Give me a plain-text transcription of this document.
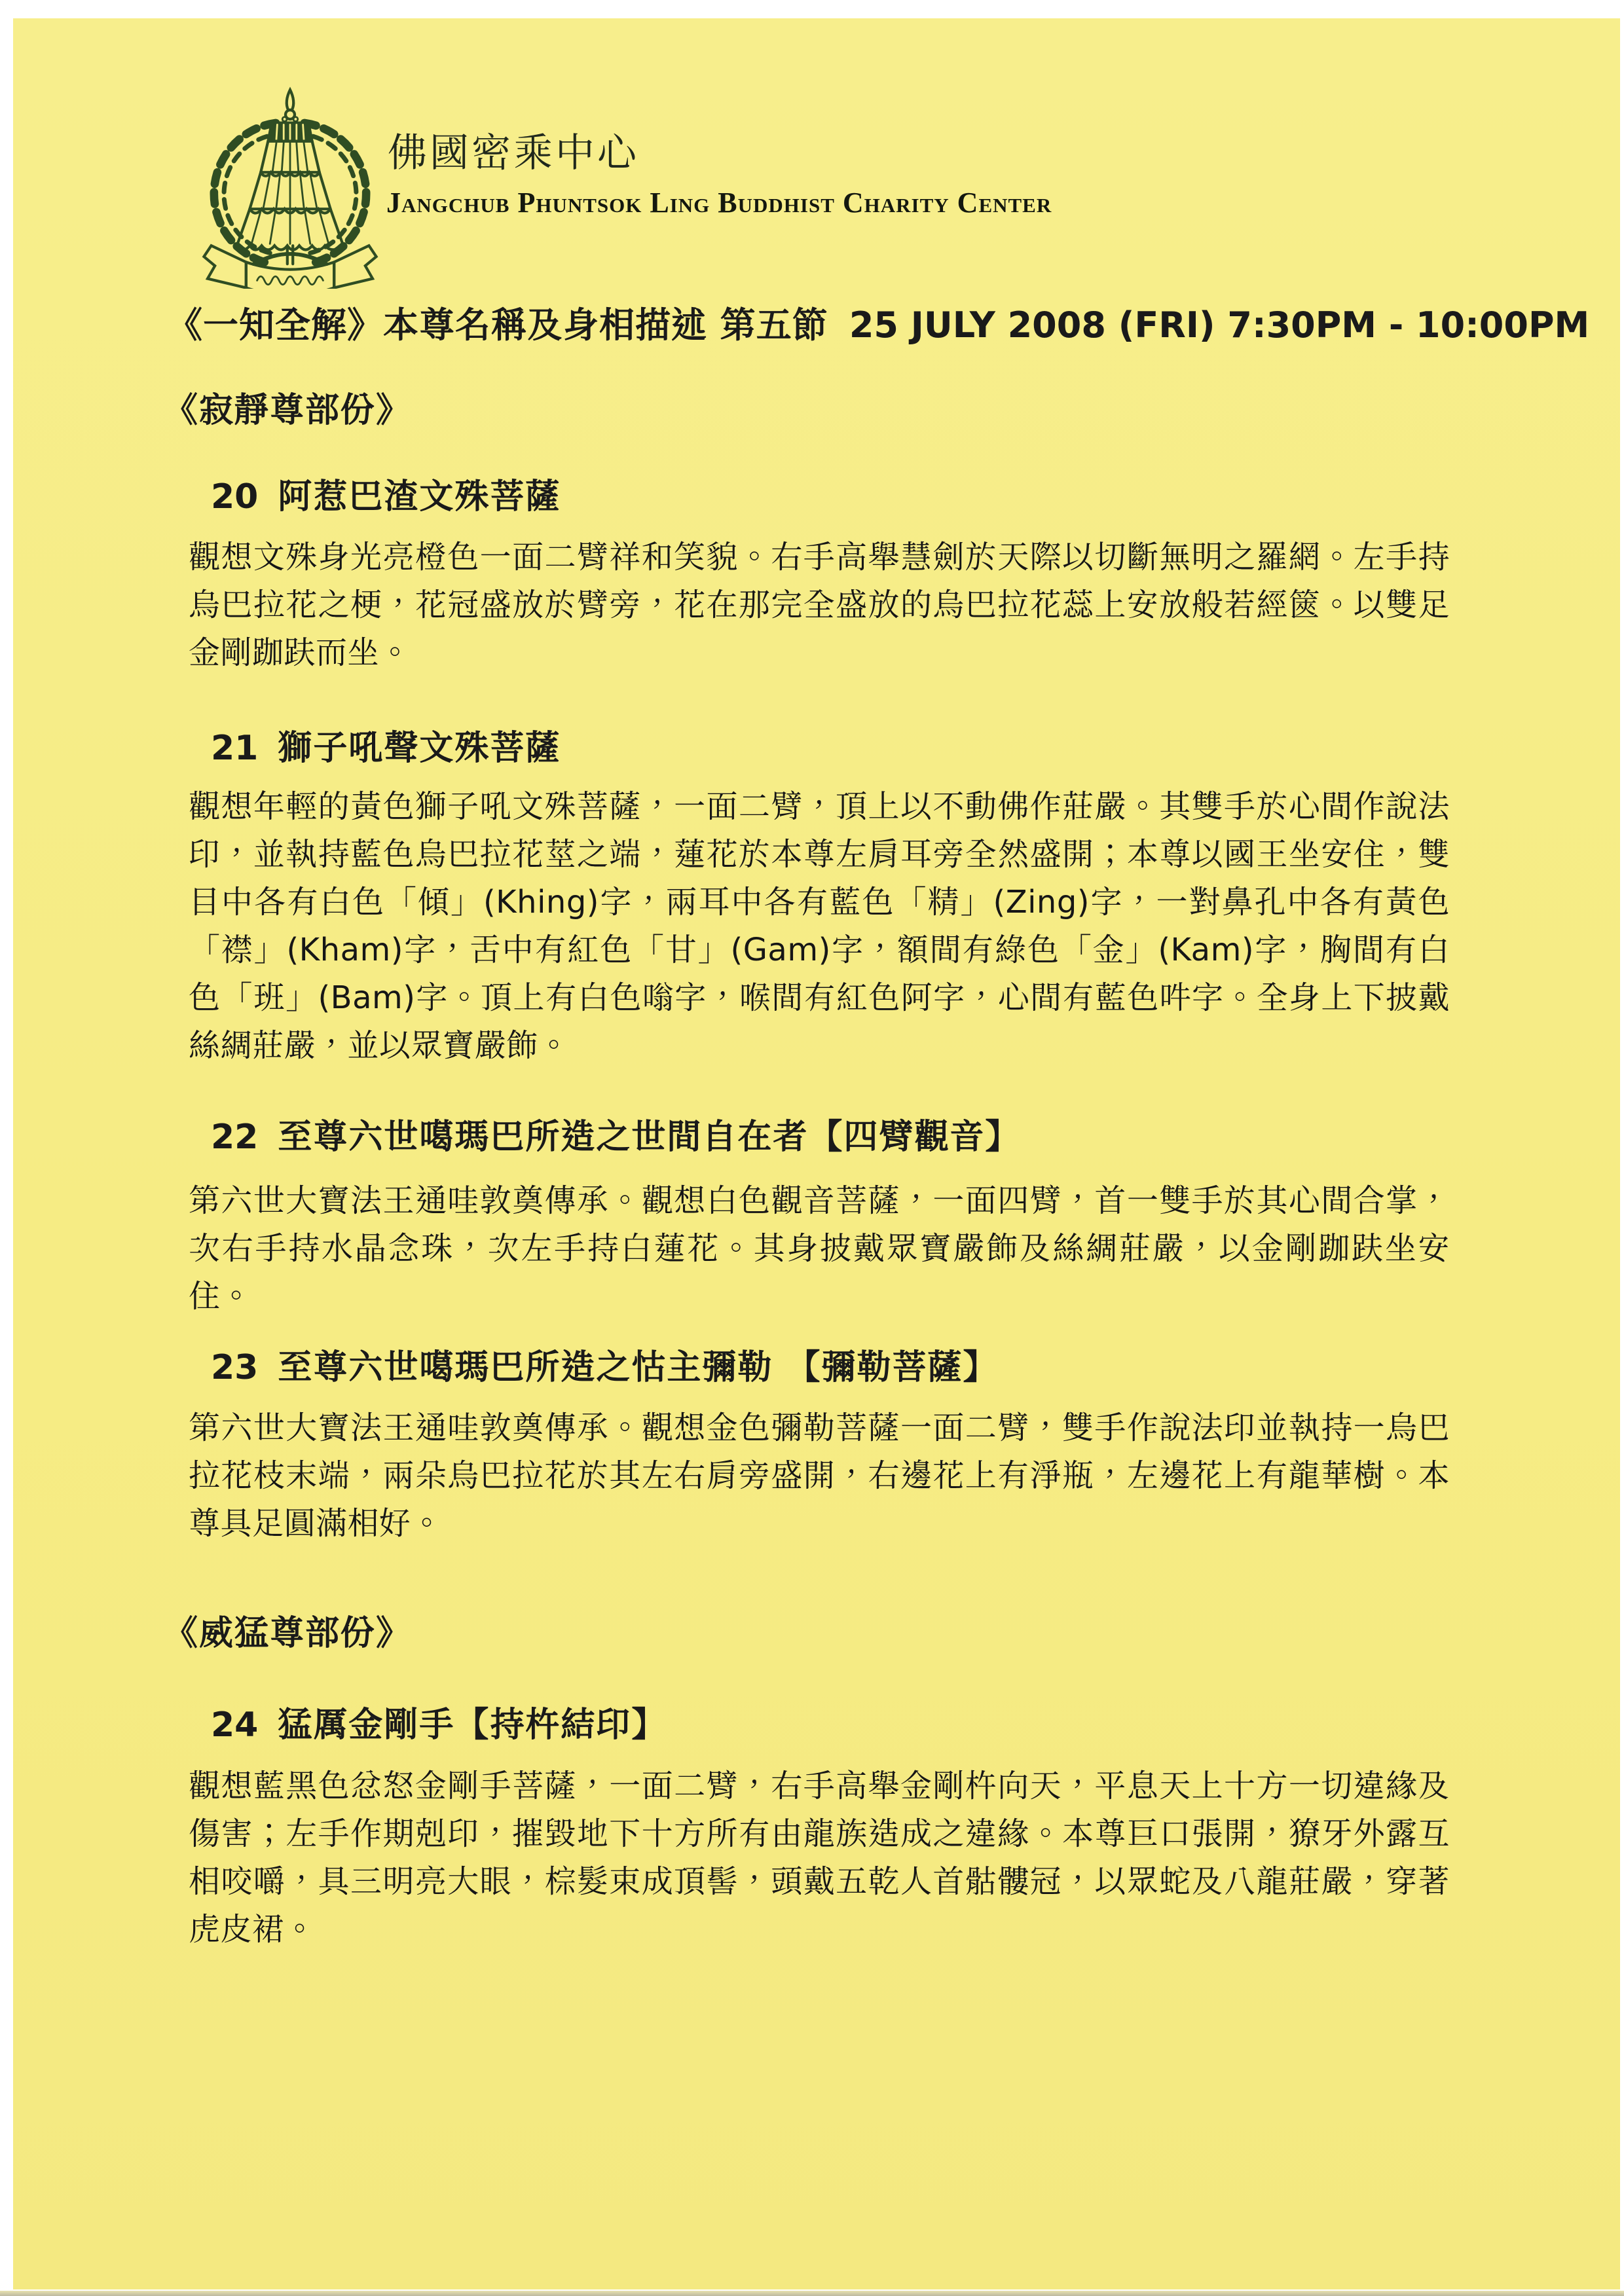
佛國密乘中心
Jangchub Phuntsok Ling Buddhist Charity Center
《一知全解》本尊名稱及身相描述 第五節 25 JULY 2008 (FRI) 7:30PM - 10:00PM
《寂靜尊部份》
20 阿惹巴渣文殊菩薩

觀想文殊身光亮橙色一面二臂祥和笑貌。右手高舉慧劍於天際以切斷無明之羅網。左手持烏巴拉花之梗，花冠盛放於臂旁，花在那完全盛放的烏巴拉花蕊上安放般若經篋。以雙足金剛跏趺而坐。

21 獅子吼聲文殊菩薩

觀想年輕的黃色獅子吼文殊菩薩，一面二臂，頂上以不動佛作莊嚴。其雙手於心間作說法印，並執持藍色烏巴拉花莖之端，蓮花於本尊左肩耳旁全然盛開；本尊以國王坐安住，雙目中各有白色「傾」(Khing)字，兩耳中各有藍色「精」(Zing)字，一對鼻孔中各有黃色「襟」(Kham)字，舌中有紅色「甘」(Gam)字，額間有綠色「金」(Kam)字，胸間有白色「班」(Bam)字。頂上有白色嗡字，喉間有紅色阿字，心間有藍色吽字。全身上下披戴絲綢莊嚴，並以眾寶嚴飾。

22 至尊六世噶瑪巴所造之世間自在者【四臂觀音】

第六世大寶法王通哇敦奠傳承。觀想白色觀音菩薩，一面四臂，首一雙手於其心間合掌，次右手持水晶念珠，次左手持白蓮花。其身披戴眾寶嚴飾及絲綢莊嚴，以金剛跏趺坐安住。

23 至尊六世噶瑪巴所造之怙主彌勒 【彌勒菩薩】

第六世大寶法王通哇敦奠傳承。觀想金色彌勒菩薩一面二臂，雙手作說法印並執持一烏巴拉花枝末端，兩朵烏巴拉花於其左右肩旁盛開，右邊花上有淨瓶，左邊花上有龍華樹。本尊具足圓滿相好。

《威猛尊部份》
24 猛厲金剛手【持杵結印】

觀想藍黑色忿怒金剛手菩薩，一面二臂，右手高舉金剛杵向天，平息天上十方一切違緣及傷害；左手作期剋印，摧毀地下十方所有由龍族造成之違緣。本尊巨口張開，獠牙外露互相咬嚼，具三明亮大眼，棕髮束成頂髻，頭戴五乾人首骷髏冠，以眾蛇及八龍莊嚴，穿著虎皮裙。
